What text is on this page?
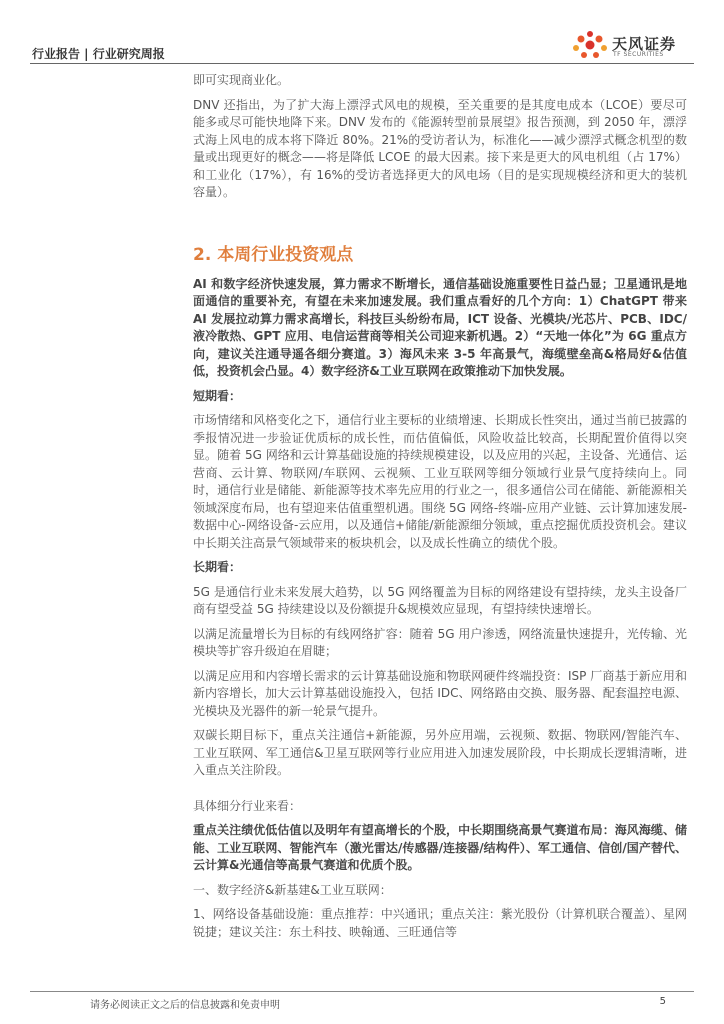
行业报告 | 行业研究周报
天风证券
TF SECURITIES

即可实现商业化。

DNV 还指出，为了扩大海上漂浮式风电的规模，至关重要的是其度电成本（LCOE）要尽可能多或尽可能快地降下来。DNV 发布的《能源转型前景展望》报告预测，到 2050 年，漂浮式海上风电的成本将下降近 80%。21%的受访者认为，标准化——减少漂浮式概念机型的数量或出现更好的概念——将是降低 LCOE 的最大因素。接下来是更大的风电机组（占 17%）和工业化（17%），有 16%的受访者选择更大的风电场（目的是实现规模经济和更大的装机容量）。

2. 本周行业投资观点

AI 和数字经济快速发展，算力需求不断增长，通信基础设施重要性日益凸显；卫星通讯是地面通信的重要补充，有望在未来加速发展。我们重点看好的几个方向：1）ChatGPT 带来 AI 发展拉动算力需求高增长，科技巨头纷纷布局，ICT 设备、光模块/光芯片、PCB、IDC/液冷散热、GPT 应用、电信运营商等相关公司迎来新机遇。2）“天地一体化”为 6G 重点方向，建议关注通导遥各细分赛道。3）海风未来 3-5 年高景气，海缆壁垒高&格局好&估值低，投资机会凸显。4）数字经济&工业互联网在政策推动下加快发展。

短期看：

市场情绪和风格变化之下，通信行业主要标的业绩增速、长期成长性突出，通过当前已披露的季报情况进一步验证优质标的成长性，而估值偏低，风险收益比较高，长期配置价值得以突显。随着 5G 网络和云计算基础设施的持续规模建设，以及应用的兴起，主设备、光通信、运营商、云计算、物联网/车联网、云视频、工业互联网等细分领域行业景气度持续向上。同时，通信行业是储能、新能源等技术率先应用的行业之一，很多通信公司在储能、新能源相关领域深度布局，也有望迎来估值重塑机遇。围绕 5G 网络-终端-应用产业链、云计算加速发展-数据中心-网络设备-云应用，以及通信+储能/新能源细分领域，重点挖掘优质投资机会。建议中长期关注高景气领域带来的板块机会，以及成长性确立的绩优个股。

长期看：

5G 是通信行业未来发展大趋势，以 5G 网络覆盖为目标的网络建设有望持续，龙头主设备厂商有望受益 5G 持续建设以及份额提升&规模效应显现，有望持续快速增长。

以满足流量增长为目标的有线网络扩容：随着 5G 用户渗透，网络流量快速提升，光传输、光模块等扩容升级迫在眉睫；

以满足应用和内容增长需求的云计算基础设施和物联网硬件终端投资：ISP 厂商基于新应用和新内容增长，加大云计算基础设施投入，包括 IDC、网络路由交换、服务器、配套温控电源、光模块及光器件的新一轮景气提升。

双碳长期目标下，重点关注通信+新能源，另外应用端，云视频、数据、物联网/智能汽车、工业互联网、军工通信&卫星互联网等行业应用进入加速发展阶段，中长期成长逻辑清晰，进入重点关注阶段。

具体细分行业来看：

重点关注绩优低估值以及明年有望高增长的个股，中长期围绕高景气赛道布局：海风海缆、储能、工业互联网、智能汽车（激光雷达/传感器/连接器/结构件）、军工通信、信创/国产替代、云计算&光通信等高景气赛道和优质个股。

一、数字经济&新基建&工业互联网：

1、网络设备基础设施：重点推荐：中兴通讯；重点关注：紫光股份（计算机联合覆盖）、星网锐捷；建议关注：东土科技、映翰通、三旺通信等

请务必阅读正文之后的信息披露和免责申明	5
